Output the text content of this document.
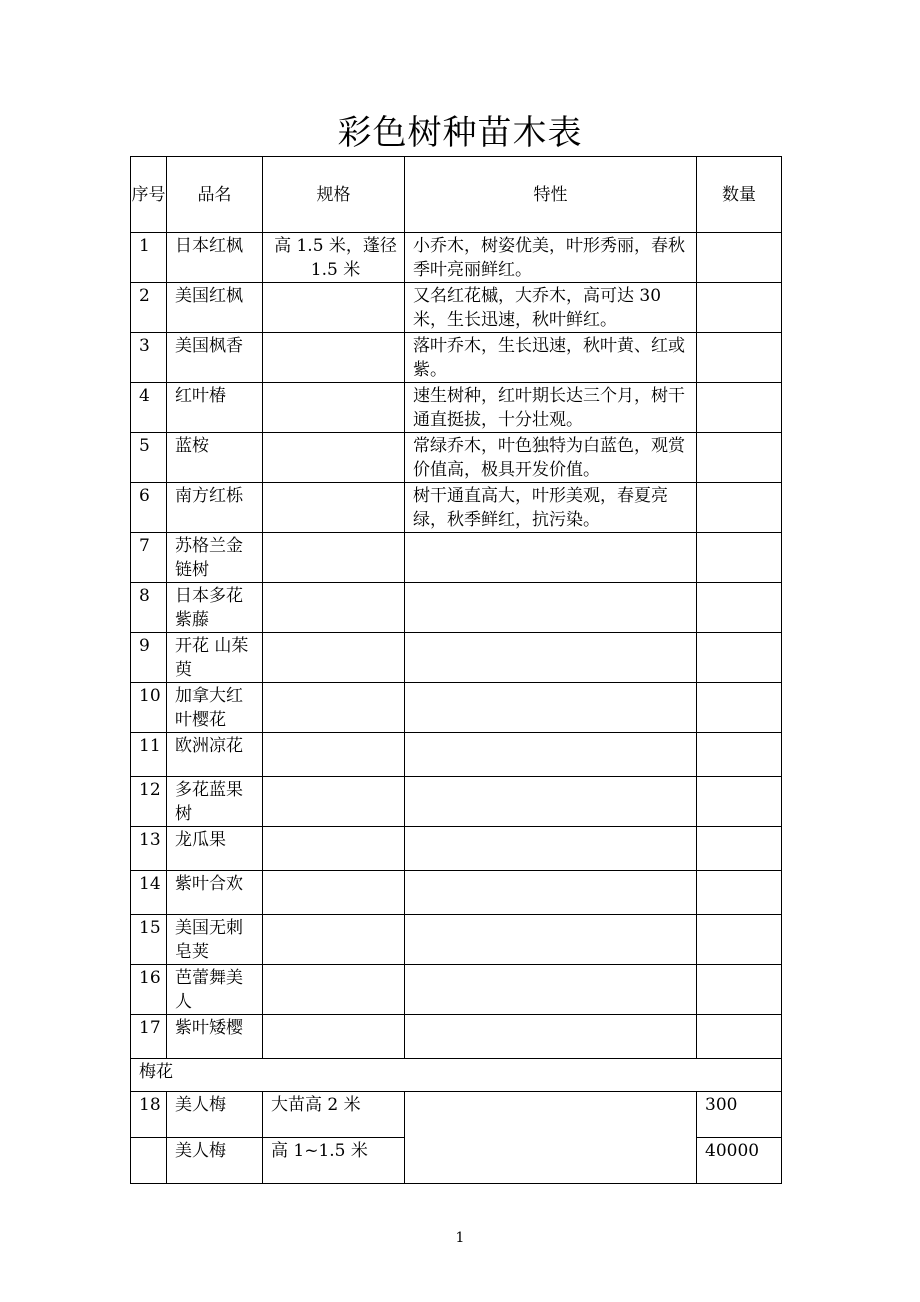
彩色树种苗木表
序号	品名	规格	特性	数量
1	日本红枫	高 1.5 米，蓬径 1.5 米	小乔木，树姿优美，叶形秀丽，春秋季叶亮丽鲜红。	
2	美国红枫		又名红花槭，大乔木，高可达 30 米，生长迅速，秋叶鲜红。	
3	美国枫香		落叶乔木，生长迅速，秋叶黄、红或紫。	
4	红叶椿		速生树种，红叶期长达三个月，树干通直挺拔，十分壮观。	
5	蓝桉		常绿乔木，叶色独特为白蓝色，观赏价值高，极具开发价值。	
6	南方红栎		树干通直高大，叶形美观，春夏亮绿，秋季鲜红，抗污染。	
7	苏格兰金链树			
8	日本多花紫藤			
9	开花 山茱萸			
10	加拿大红叶樱花			
11	欧洲凉花			
12	多花蓝果树			
13	龙瓜果			
14	紫叶合欢			
15	美国无刺皂荚			
16	芭蕾舞美人			
17	紫叶矮樱			
梅花				
18	美人梅	大苗高 2 米		300
	美人梅	高 1~1.5 米		40000
1
